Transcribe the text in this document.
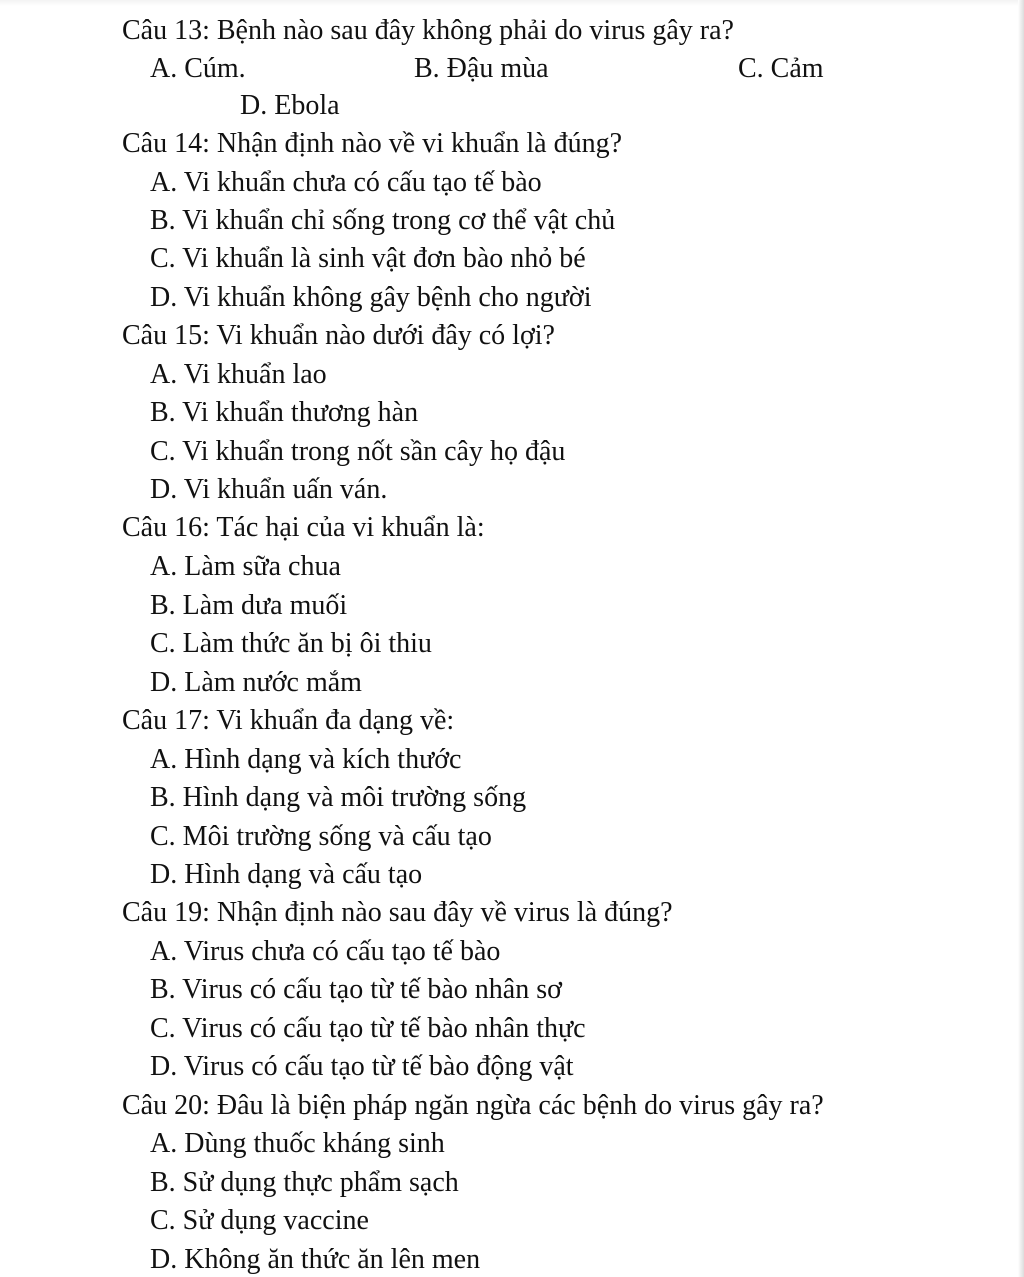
Câu 13: Bệnh nào sau đây không phải do virus gây ra?
A. Cúm.	B. Đậu mùa	C. Cảm
D. Ebola
Câu 14: Nhận định nào về vi khuẩn là đúng?
A. Vi khuẩn chưa có cấu tạo tế bào
B. Vi khuẩn chỉ sống trong cơ thể vật chủ
C. Vi khuẩn là sinh vật đơn bào nhỏ bé
D. Vi khuẩn không gây bệnh cho người
Câu 15: Vi khuẩn nào dưới đây có lợi?
A. Vi khuẩn lao
B. Vi khuẩn thương hàn
C. Vi khuẩn trong nốt sần cây họ đậu
D. Vi khuẩn uấn ván.
Câu 16: Tác hại của vi khuẩn là:
A. Làm sữa chua
B. Làm dưa muối
C. Làm thức ăn bị ôi thiu
D. Làm nước mắm
Câu 17: Vi khuẩn đa dạng về:
A. Hình dạng và kích thước
B. Hình dạng và môi trường sống
C. Môi trường sống và cấu tạo
D. Hình dạng và cấu tạo
Câu 19: Nhận định nào sau đây về virus là đúng?
A. Virus chưa có cấu tạo tế bào
B. Virus có cấu tạo từ tế bào nhân sơ
C. Virus có cấu tạo từ tế bào nhân thực
D. Virus có cấu tạo từ tế bào động vật
Câu 20: Đâu là biện pháp ngăn ngừa các bệnh do virus gây ra?
A. Dùng thuốc kháng sinh
B. Sử dụng thực phẩm sạch
C. Sử dụng vaccine
D. Không ăn thức ăn lên men
